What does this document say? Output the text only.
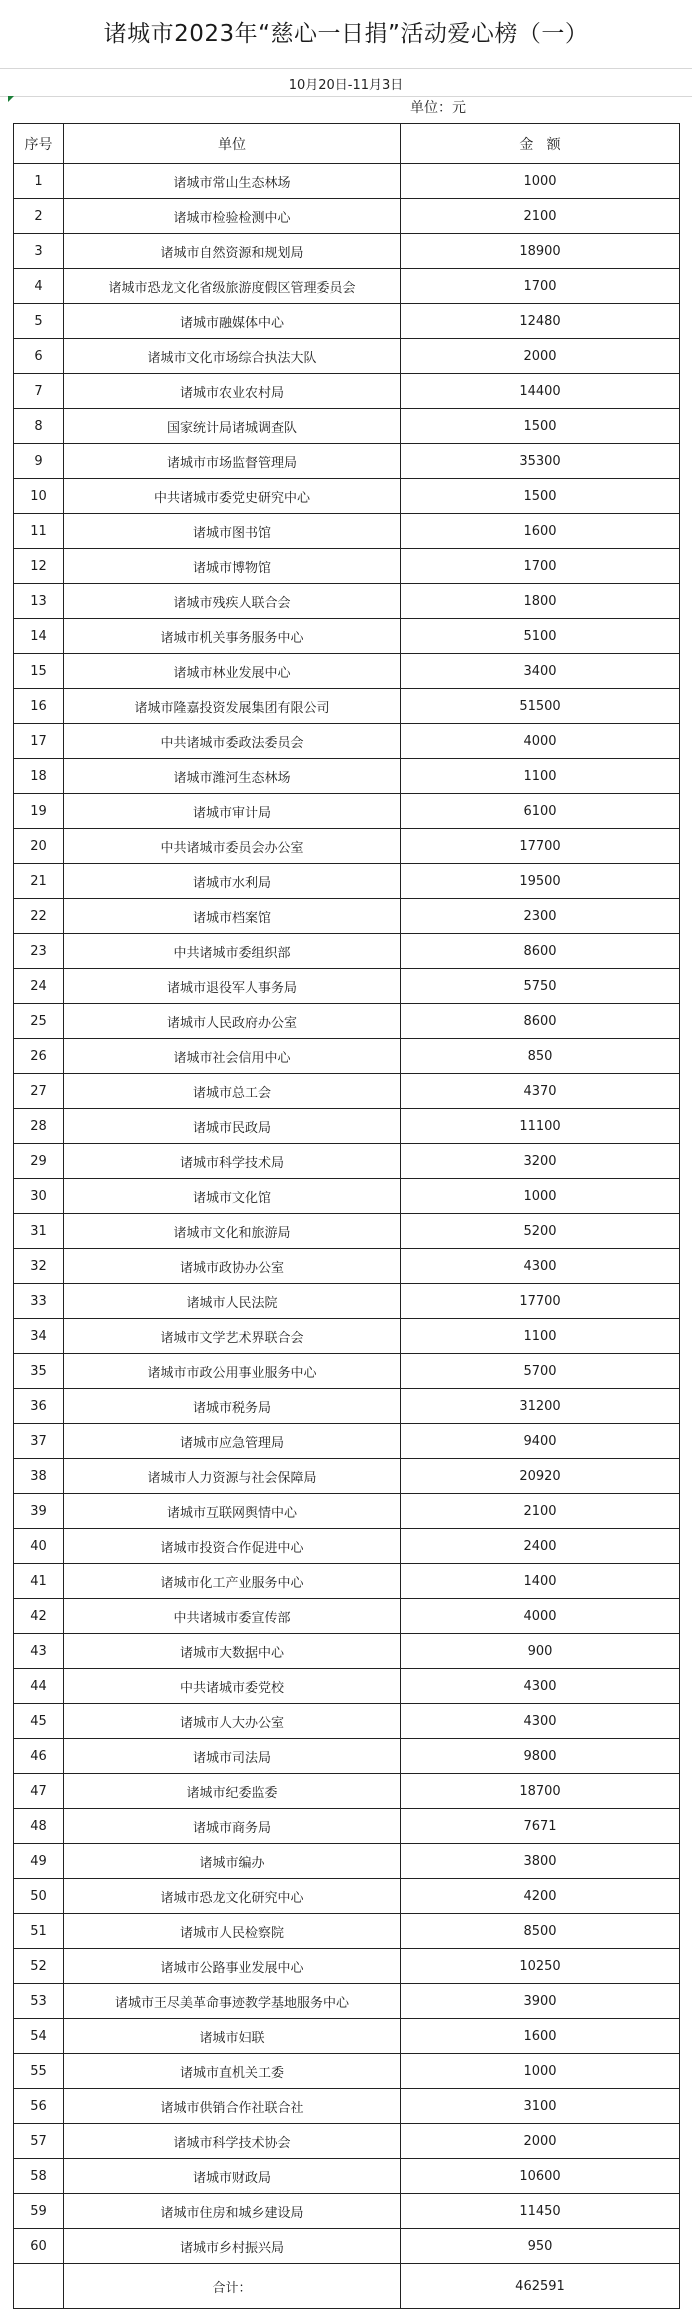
诸城市2023年“慈心一日捐”活动爱心榜（一）
10月20日-11月3日
单位：元
序号	单位	金   额
1	诸城市常山生态林场	1000
2	诸城市检验检测中心	2100
3	诸城市自然资源和规划局	18900
4	诸城市恐龙文化省级旅游度假区管理委员会	1700
5	诸城市融媒体中心	12480
6	诸城市文化市场综合执法大队	2000
7	诸城市农业农村局	14400
8	国家统计局诸城调查队	1500
9	诸城市市场监督管理局	35300
10	中共诸城市委党史研究中心	1500
11	诸城市图书馆	1600
12	诸城市博物馆	1700
13	诸城市残疾人联合会	1800
14	诸城市机关事务服务中心	5100
15	诸城市林业发展中心	3400
16	诸城市隆嘉投资发展集团有限公司	51500
17	中共诸城市委政法委员会	4000
18	诸城市潍河生态林场	1100
19	诸城市审计局	6100
20	中共诸城市委员会办公室	17700
21	诸城市水利局	19500
22	诸城市档案馆	2300
23	中共诸城市委组织部	8600
24	诸城市退役军人事务局	5750
25	诸城市人民政府办公室	8600
26	诸城市社会信用中心	850
27	诸城市总工会	4370
28	诸城市民政局	11100
29	诸城市科学技术局	3200
30	诸城市文化馆	1000
31	诸城市文化和旅游局	5200
32	诸城市政协办公室	4300
33	诸城市人民法院	17700
34	诸城市文学艺术界联合会	1100
35	诸城市市政公用事业服务中心	5700
36	诸城市税务局	31200
37	诸城市应急管理局	9400
38	诸城市人力资源与社会保障局	20920
39	诸城市互联网舆情中心	2100
40	诸城市投资合作促进中心	2400
41	诸城市化工产业服务中心	1400
42	中共诸城市委宣传部	4000
43	诸城市大数据中心	900
44	中共诸城市委党校	4300
45	诸城市人大办公室	4300
46	诸城市司法局	9800
47	诸城市纪委监委	18700
48	诸城市商务局	7671
49	诸城市编办	3800
50	诸城市恐龙文化研究中心	4200
51	诸城市人民检察院	8500
52	诸城市公路事业发展中心	10250
53	诸城市王尽美革命事迹教学基地服务中心	3900
54	诸城市妇联	1600
55	诸城市直机关工委	1000
56	诸城市供销合作社联合社	3100
57	诸城市科学技术协会	2000
58	诸城市财政局	10600
59	诸城市住房和城乡建设局	11450
60	诸城市乡村振兴局	950
	合计：	462591
